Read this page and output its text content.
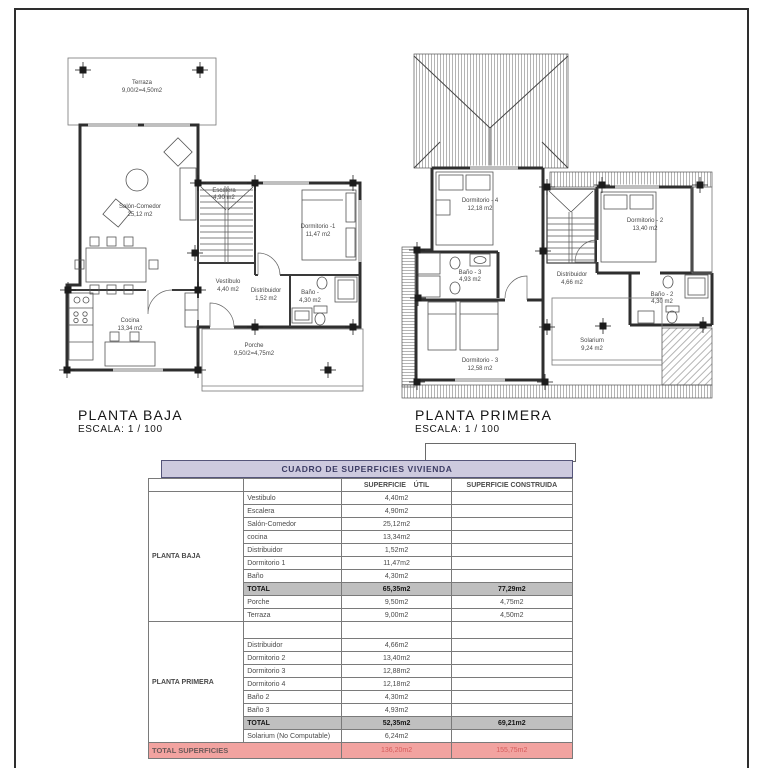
Terraza
9,00/2=4,50m2
Escalera
4,90 m2
Dormitorio -1
11,47 m2
Salón-Comedor
25,12 m2
Vestíbulo
4,40 m2 Distribuidor
1,52 m2
Baño -
4,30 m2
Cocina
13,34 m2
Porche
9,50/2=4,75m2
Dormitorio - 4
12,18 m2
Dormitorio - 2
13,40 m2
Baño - 3
4,93 m2
Distribuidor
4,66 m2
Baño - 2
4,30 m2
Dormitorio - 3
12,58 m2
Solarium
9,24 m2
PLANTA BAJA
ESCALA: 1 / 100
PLANTA PRIMERA
ESCALA: 1 / 100
CUADRO DE SUPERFICIES VIVIENDA
		SUPERFICIE    ÚTIL	SUPERFICIE CONSTRUIDA
PLANTA BAJA	Vestibulo	4,40m2	
	Escalera	4,90m2	
	Salón-Comedor	25,12m2	
	cocina	13,34m2	
	Distribuidor	1,52m2	
	Dormitorio 1	11,47m2	
	Baño	4,30m2	
	TOTAL	65,35m2	77,29m2
	Porche	9,50m2	4,75m2
	Terraza	9,00m2	4,50m2
PLANTA PRIMERA			
	Distribuidor	4,66m2	
	Dormitorio 2	13,40m2	
	Dormitorio 3	12,88m2	
	Dormitorio 4	12,18m2	
	Baño 2	4,30m2	
	Baño 3	4,93m2	
	TOTAL	52,35m2	69,21m2
	Solarium (No Computable)	6,24m2	
TOTAL SUPERFICIES		136,20m2	155,75m2
